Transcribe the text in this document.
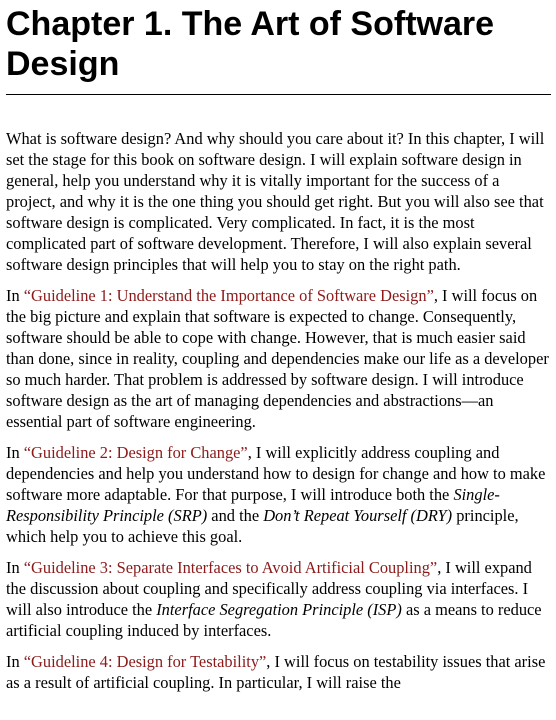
Chapter 1. The Art of Software
Design

What is software design? And why should you care about it? In this chapter, I will set the stage for this book on software design. I will explain software design in general, help you understand why it is vitally important for the success of a project, and why it is the one thing you should get right. But you will also see that software design is complicated. Very complicated. In fact, it is the most complicated part of software development. Therefore, I will also explain several software design principles that will help you to stay on the right path.

In “Guideline 1: Understand the Importance of Software Design”, I will focus on the big picture and explain that software is expected to change. Consequently, software should be able to cope with change. However, that is much easier said than done, since in reality, coupling and dependencies make our life as a developer so much harder. That problem is addressed by software design. I will introduce software design as the art of managing dependencies and abstractions—an essential part of software engineering.

In “Guideline 2: Design for Change”, I will explicitly address coupling and dependencies and help you understand how to design for change and how to make software more adaptable. For that purpose, I will introduce both the Single-Responsibility Principle (SRP) and the Don’t Repeat Yourself (DRY) principle, which help you to achieve this goal.

In “Guideline 3: Separate Interfaces to Avoid Artificial Coupling”, I will expand the discussion about coupling and specifically address coupling via interfaces. I will also introduce the Interface Segregation Principle (ISP) as a means to reduce artificial coupling induced by interfaces.

In “Guideline 4: Design for Testability”, I will focus on testability issues that arise as a result of artificial coupling. In particular, I will raise the
